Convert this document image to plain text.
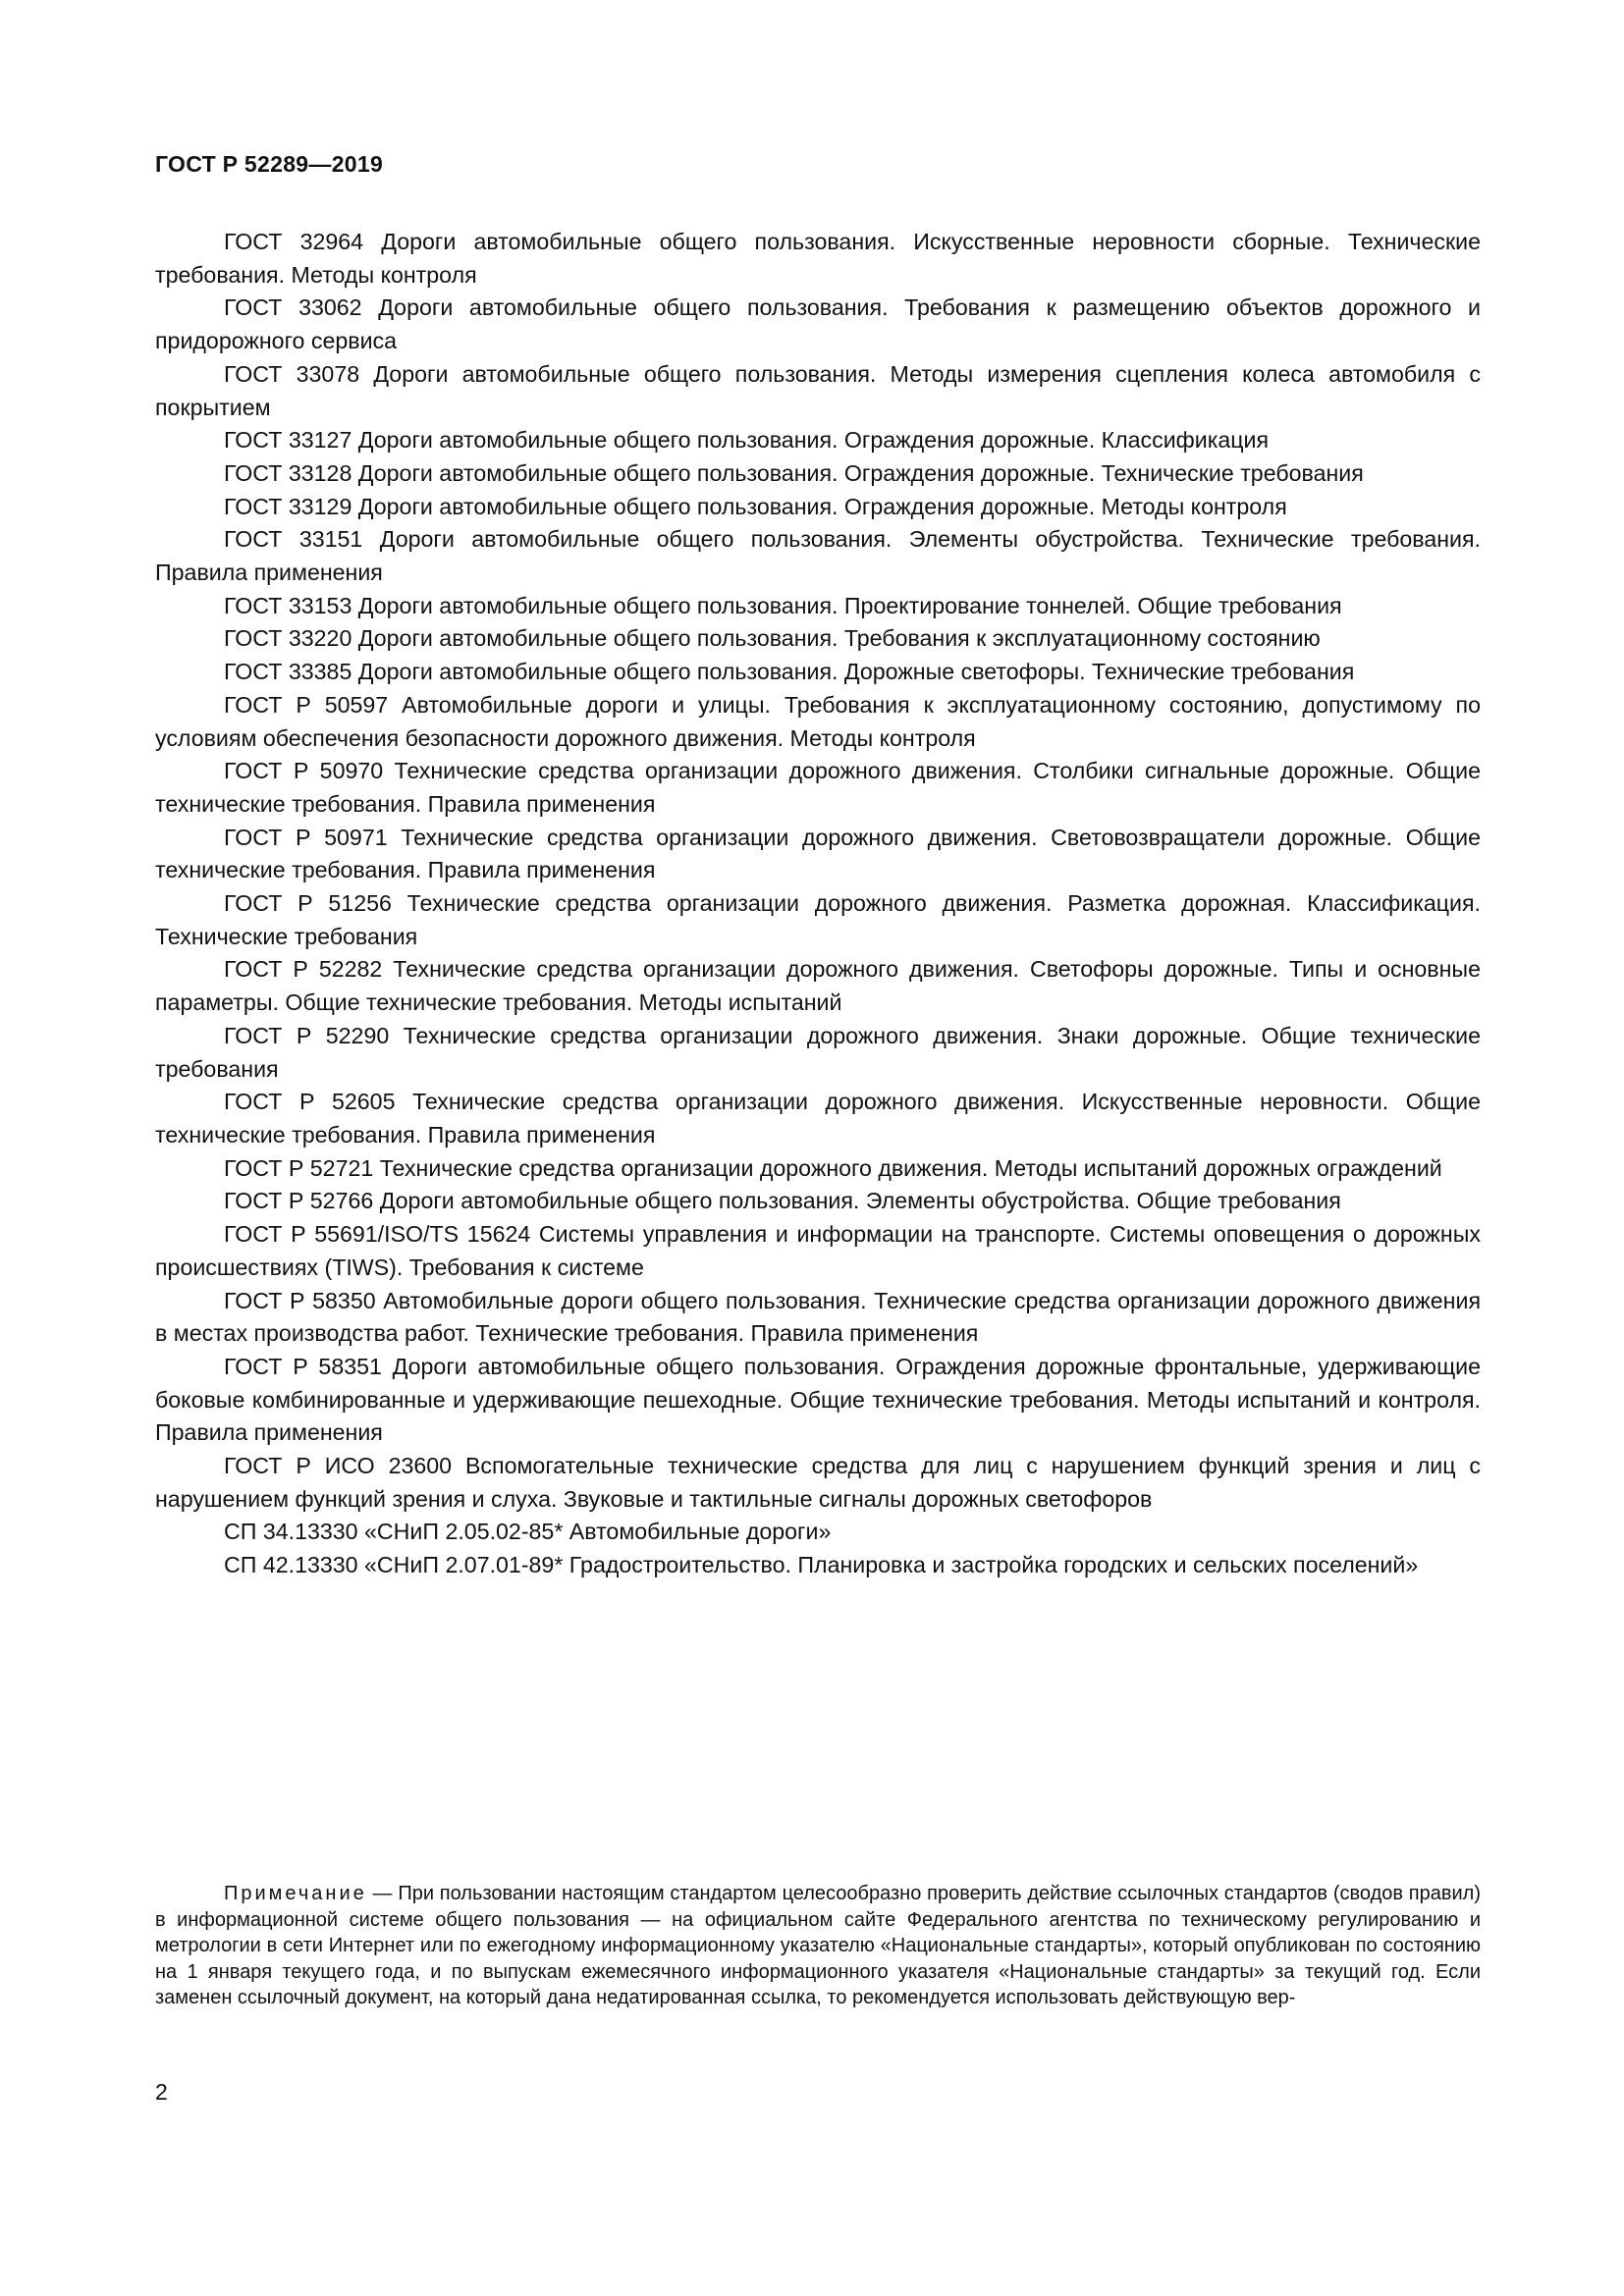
ГОСТ Р 52289—2019

ГОСТ 32964 Дороги автомобильные общего пользования. Искусственные неровности сборные. Технические требования. Методы контроля

ГОСТ 33062 Дороги автомобильные общего пользования. Требования к размещению объектов дорожного и придорожного сервиса

ГОСТ 33078 Дороги автомобильные общего пользования. Методы измерения сцепления колеса автомобиля с покрытием

ГОСТ 33127 Дороги автомобильные общего пользования. Ограждения дорожные. Классификация

ГОСТ 33128 Дороги автомобильные общего пользования. Ограждения дорожные. Технические требования

ГОСТ 33129 Дороги автомобильные общего пользования. Ограждения дорожные. Методы контроля

ГОСТ 33151 Дороги автомобильные общего пользования. Элементы обустройства. Технические требования. Правила применения

ГОСТ 33153 Дороги автомобильные общего пользования. Проектирование тоннелей. Общие требования

ГОСТ 33220 Дороги автомобильные общего пользования. Требования к эксплуатационному состоянию

ГОСТ 33385 Дороги автомобильные общего пользования. Дорожные светофоры. Технические требования

ГОСТ Р 50597 Автомобильные дороги и улицы. Требования к эксплуатационному состоянию, допустимому по условиям обеспечения безопасности дорожного движения. Методы контроля

ГОСТ Р 50970 Технические средства организации дорожного движения. Столбики сигнальные дорожные. Общие технические требования. Правила применения

ГОСТ Р 50971 Технические средства организации дорожного движения. Световозвращатели дорожные. Общие технические требования. Правила применения

ГОСТ Р 51256 Технические средства организации дорожного движения. Разметка дорожная. Классификация. Технические требования

ГОСТ Р 52282 Технические средства организации дорожного движения. Светофоры дорожные. Типы и основные параметры. Общие технические требования. Методы испытаний

ГОСТ Р 52290 Технические средства организации дорожного движения. Знаки дорожные. Общие технические требования

ГОСТ Р 52605 Технические средства организации дорожного движения. Искусственные неровности. Общие технические требования. Правила применения

ГОСТ Р 52721 Технические средства организации дорожного движения. Методы испытаний дорожных ограждений

ГОСТ Р 52766 Дороги автомобильные общего пользования. Элементы обустройства. Общие требования

ГОСТ Р 55691/ISO/TS 15624 Системы управления и информации на транспорте. Системы оповещения о дорожных происшествиях (TIWS). Требования к системе

ГОСТ Р 58350 Автомобильные дороги общего пользования. Технические средства организации дорожного движения в местах производства работ. Технические требования. Правила применения

ГОСТ Р 58351 Дороги автомобильные общего пользования. Ограждения дорожные фронтальные, удерживающие боковые комбинированные и удерживающие пешеходные. Общие технические требования. Методы испытаний и контроля. Правила применения

ГОСТ Р ИСО 23600 Вспомогательные технические средства для лиц с нарушением функций зрения и лиц с нарушением функций зрения и слуха. Звуковые и тактильные сигналы дорожных светофоров

СП 34.13330 «СНиП 2.05.02-85* Автомобильные дороги»

СП 42.13330 «СНиП 2.07.01-89* Градостроительство. Планировка и застройка городских и сельских поселений»

Примечание — При пользовании настоящим стандартом целесообразно проверить действие ссылочных стандартов (сводов правил) в информационной системе общего пользования — на официальном сайте Федерального агентства по техническому регулированию и метрологии в сети Интернет или по ежегодному информационному указателю «Национальные стандарты», который опубликован по состоянию на 1 января текущего года, и по выпускам ежемесячного информационного указателя «Национальные стандарты» за текущий год. Если заменен ссылочный документ, на который дана недатированная ссылка, то рекомендуется использовать действующую вер-

2
